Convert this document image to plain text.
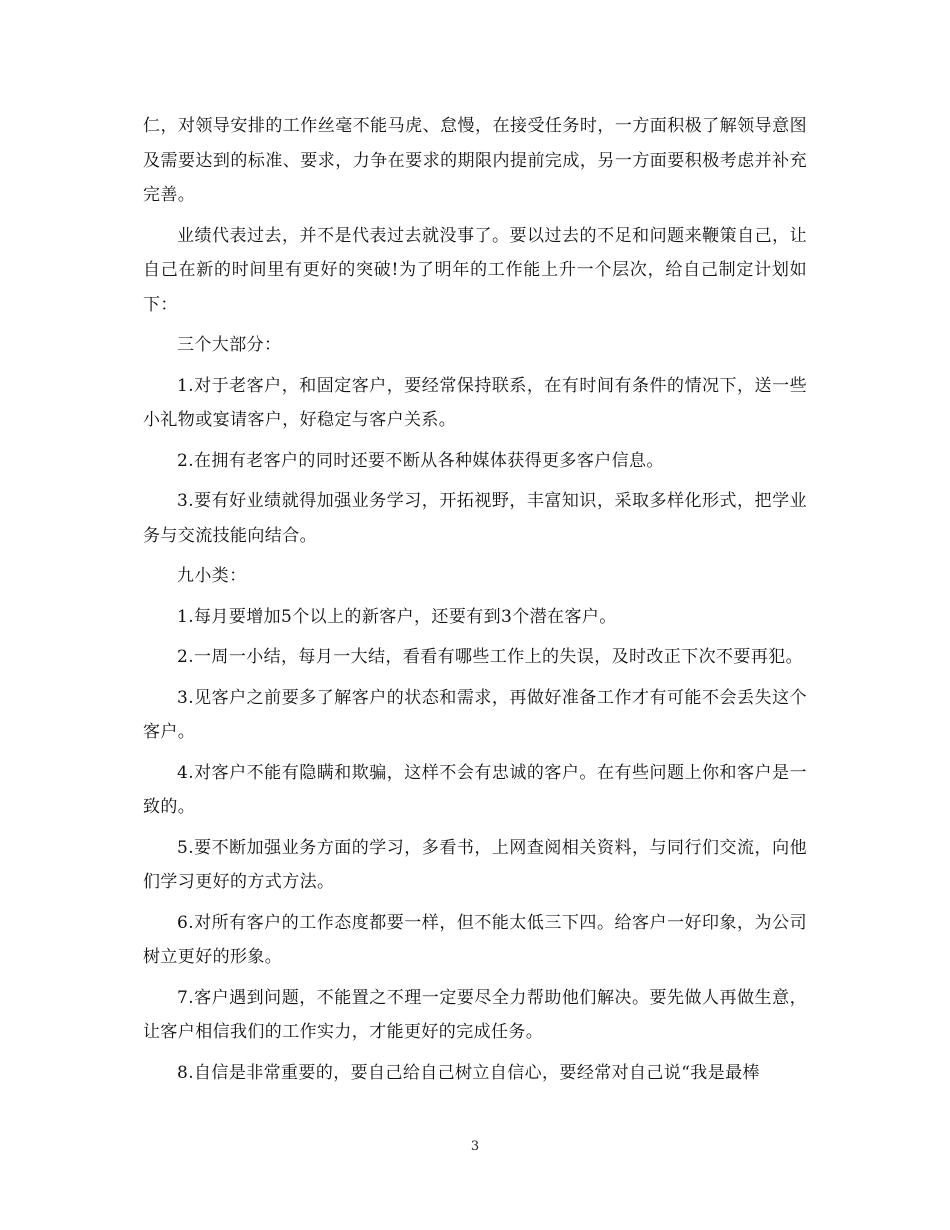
仁，对领导安排的工作丝毫不能马虎、怠慢，在接受任务时，一方面积极了解领导意图及需要达到的标准、要求，力争在要求的期限内提前完成，另一方面要积极考虑并补充完善。

业绩代表过去，并不是代表过去就没事了。要以过去的不足和问题来鞭策自己，让自己在新的时间里有更好的突破!为了明年的工作能上升一个层次，给自己制定计划如下：

三个大部分：

1.对于老客户，和固定客户，要经常保持联系，在有时间有条件的情况下，送一些小礼物或宴请客户，好稳定与客户关系。

2.在拥有老客户的同时还要不断从各种媒体获得更多客户信息。

3.要有好业绩就得加强业务学习，开拓视野，丰富知识，采取多样化形式，把学业务与交流技能向结合。

九小类：

1.每月要增加5个以上的新客户，还要有到3个潜在客户。

2.一周一小结，每月一大结，看看有哪些工作上的失误，及时改正下次不要再犯。

3.见客户之前要多了解客户的状态和需求，再做好准备工作才有可能不会丢失这个客户。

4.对客户不能有隐瞒和欺骗，这样不会有忠诚的客户。在有些问题上你和客户是一致的。

5.要不断加强业务方面的学习，多看书，上网查阅相关资料，与同行们交流，向他们学习更好的方式方法。

6.对所有客户的工作态度都要一样，但不能太低三下四。给客户一好印象，为公司树立更好的形象。

7.客户遇到问题，不能置之不理一定要尽全力帮助他们解决。要先做人再做生意，让客户相信我们的工作实力，才能更好的完成任务。

8.自信是非常重要的，要自己给自己树立自信心，要经常对自己说“我是最棒

3
